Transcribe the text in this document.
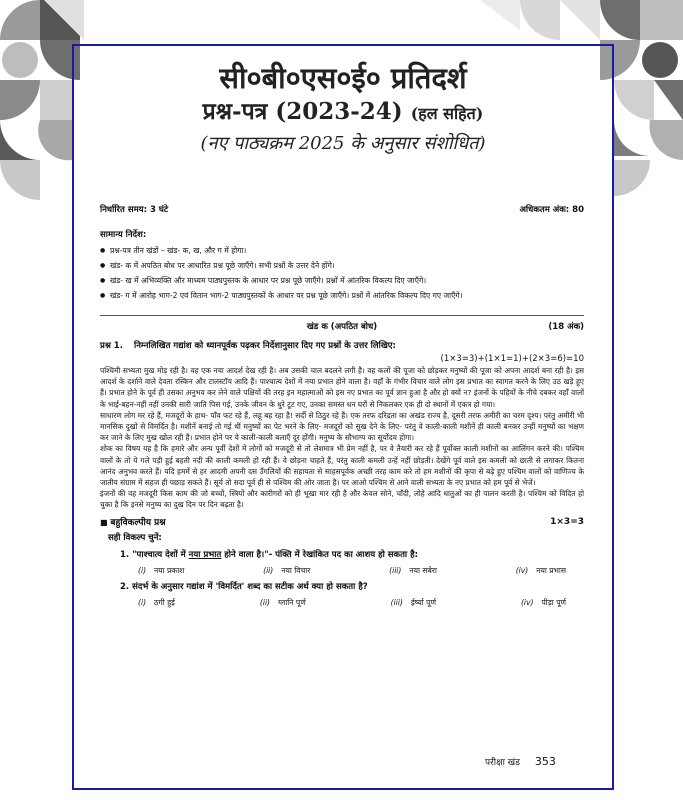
सी०बी०एस०ई० प्रतिदर्श
प्रश्न-पत्र (2023-24) (हल सहित)
(नए पाठ्यक्रम 2025 के अनुसार संशोधित)
निर्धारित समय: 3 घंटे	अधिकतम अंक: 80
सामान्य निर्देश:
● प्रश्न-पत्र तीन खंडों – खंड- क, ख, और ग में होगा।
● खंड- क में अपठित बोध पर आधारित प्रश्न पूछे जाएँगे। सभी प्रश्नों के उत्तर देने होंगे।
● खंड- ख में अभिव्यक्ति और माध्यम पाठ्यपुस्तक के आधार पर प्रश्न पूछे जाएँगे। प्रश्नों में आंतरिक विकल्प दिए जाएँगे।
● खंड- ग में आरोह भाग-2 एवं वितान भाग-2 पाठ्यपुस्तकों के आधार पर प्रश्न पूछे जाएँगे। प्रश्नों में आंतरिक विकल्प दिए गए जाएँगे।
खंड क (अपठित बोध)	(18 अंक)
प्रश्न 1.	निम्नलिखित गद्यांश को ध्यानपूर्वक पढ़कर निर्देशानुसार दिए गए प्रश्नों के उत्तर लिखिए:
(1×3=3)+(1×1=1)+(2×3=6)=10

पश्चिमी सभ्यता मुख मोड़ रही है। वह एक नया आदर्श देख रही है। अब उसकी चाल बदलने लगी है। वह कलों की पूजा को छोड़कर मनुष्यों की पूजा को अपना आदर्श बना रही है। इस आदर्श के दर्शाने वाले देवता रस्किन और टालस्टॉय आदि हैं। पाश्चात्य देशों में नया प्रभात होने वाला है। वहाँ के गंभीर विचार वाले लोग इस प्रभात का स्वागत करने के लिए उठ खड़े हुए हैं। प्रभात होने के पूर्व ही उसका अनुभव कर लेने वाले पक्षियों की तरह इन महात्माओं को इस नए प्रभात का पूर्व ज्ञान हुआ है और हो क्यों न? इंजनों के पहियों के नीचे दबकर वहाँ वालों के भाई-बहन-नहीं नहीं उनकी सारी जाति पिस गई, उनके जीवन के धुरे टूट गए, उनका समस्त धन घरों से निकलकर एक ही दो स्थानों में एकत्र हो गया।

साधारण लोग मर रहे हैं, मजदूरों के हाथ- पाँव फट रहे हैं, लहू बह रहा है! सर्दी से ठिठुर रहे हैं। एक तरफ दरिद्रता का अखंड राज्य है, दूसरी तरफ अमीरी का चरम दृश्य। परंतु अमीरी भी मानसिक दुखों से विमर्दित है। मशीनें बनाई तो गई थीं मनुष्यों का पेट भरने के लिए- मजदूरों को सुख देने के लिए- परंतु वे काली-काली मशीनें ही काली बनकर उन्हीं मनुष्यों का भक्षण कर जाने के लिए मुख खोल रही हैं। प्रभात होने पर ये काली-काली बलाएँ दूर होंगी। मनुष्य के सौभाग्य का सूर्योदय होगा।

शोक का विषय यह है कि हमारे और अन्य पूर्वी देशों में लोगों को मजदूरी से तो लेशमात्र भी प्रेम नहीं है, पर वे तैयारी कर रहे हैं पूर्वोक्त काली मशीनों का आलिंगन करने की। पश्चिम वालों के तो ये गले पड़ी हुई बहती नदी की काली कमली हो रही हैं। वे छोड़ना चाहते हैं, परंतु काली कमली उन्हें नहीं छोड़ती। देखेंगे पूर्व वाले इस कमली को छाती से लगाकर कितना आनंद अनुभव करते हैं। यदि हममें से हर आदमी अपनी दस उँगलियों की सहायता से साहसपूर्वक अच्छी तरह काम करे तो हम मशीनों की कृपा से बढ़े हुए पश्चिम वालों को वाणिज्य के जातीय संग्राम में सहज ही पछाड़ सकते हैं। सूर्य तो सदा पूर्व ही से पश्चिम की ओर जाता है। पर आओ पश्चिम से आने वाली सभ्यता के नए प्रभात को हम पूर्व से भेजें।

इंजनों की वह मजदूरी किस काम की जो बच्चों, स्त्रियों और कारीगरों को ही भूखा मार रही है और केवल सोने, चाँदी, लोहे आदि धातुओं का ही पालन करती है। पश्चिम को विदित हो चुका है कि इनसे मनुष्य का दुख दिन पर दिन बढ़ता है।

■ बहुविकल्पीय प्रश्न	1×3=3
सही विकल्प चुनें:
1. "पाश्चात्य देशों में नया प्रभात होने वाला है।"- पंक्ति में रेखांकित पद का आशय हो सकता है:
(i) नया प्रकाश	(ii) नया विचार	(iii) नया सबेरा	(iv) नया प्रभास
2. संदर्भ के अनुसार गद्यांश में 'विमर्दित' शब्द का सटीक अर्थ क्या हो सकता है?
(i) ठगी हुई	(ii) ग्लानि पूर्ण	(iii) ईर्ष्या पूर्ण	(iv) पीड़ा पूर्ण
परीक्षा खंड 353
